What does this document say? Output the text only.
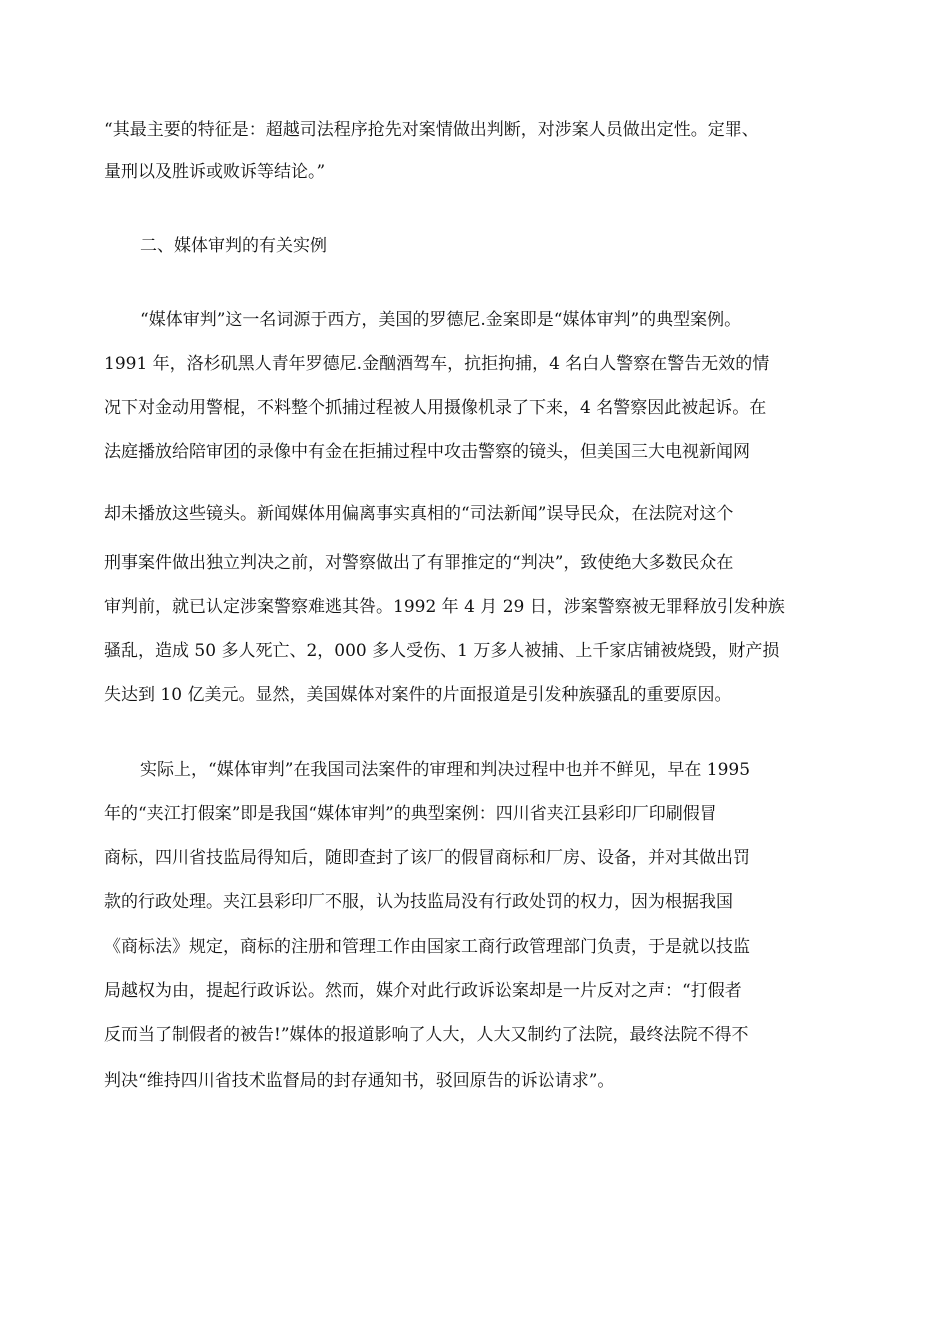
“其最主要的特征是：超越司法程序抢先对案情做出判断，对涉案人员做出定性。定罪、
量刑以及胜诉或败诉等结论。”
二、媒体审判的有关实例
“媒体审判”这一名词源于西方，美国的罗德尼.金案即是“媒体审判”的典型案例。
1991 年，洛杉矶黑人青年罗德尼.金酗酒驾车，抗拒拘捕，4 名白人警察在警告无效的情
况下对金动用警棍，不料整个抓捕过程被人用摄像机录了下来，4 名警察因此被起诉。在
法庭播放给陪审团的录像中有金在拒捕过程中攻击警察的镜头，但美国三大电视新闻网
却未播放这些镜头。新闻媒体用偏离事实真相的“司法新闻”误导民众，在法院对这个
刑事案件做出独立判决之前，对警察做出了有罪推定的“判决”，致使绝大多数民众在
审判前，就已认定涉案警察难逃其咎。1992 年 4 月 29 日，涉案警察被无罪释放引发种族
骚乱，造成 50 多人死亡、2，000 多人受伤、1 万多人被捕、上千家店铺被烧毁，财产损
失达到 10 亿美元。显然，美国媒体对案件的片面报道是引发种族骚乱的重要原因。
实际上，“媒体审判”在我国司法案件的审理和判决过程中也并不鲜见，早在 1995
年的“夹江打假案”即是我国“媒体审判”的典型案例：四川省夹江县彩印厂印刷假冒
商标，四川省技监局得知后，随即查封了该厂的假冒商标和厂房、设备，并对其做出罚
款的行政处理。夹江县彩印厂不服，认为技监局没有行政处罚的权力，因为根据我国
《商标法》规定，商标的注册和管理工作由国家工商行政管理部门负责，于是就以技监
局越权为由，提起行政诉讼。然而，媒介对此行政诉讼案却是一片反对之声：“打假者
反而当了制假者的被告!”媒体的报道影响了人大，人大又制约了法院，最终法院不得不
判决“维持四川省技术监督局的封存通知书，驳回原告的诉讼请求”。
